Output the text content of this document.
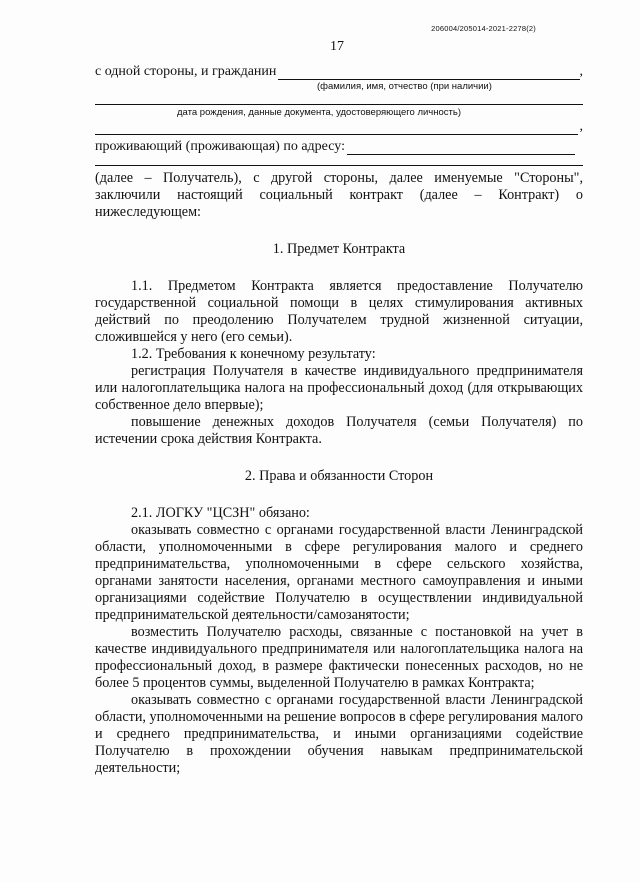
206004/205014-2021-2278(2)
17
с одной стороны, и гражданин	,
(фамилия, имя, отчество (при наличии)
дата рождения, данные документа, удостоверяющего личность)
,
проживающий (проживающая) по адресу:

(далее – Получатель), с другой стороны, далее именуемые "Стороны", заключили настоящий социальный контракт (далее – Контракт) о нижеследующем:

1. Предмет Контракта

1.1. Предметом Контракта является предоставление Получателю государственной социальной помощи в целях стимулирования активных действий по преодолению Получателем трудной жизненной ситуации, сложившейся у него (его семьи).

1.2. Требования к конечному результату:

регистрация Получателя в качестве индивидуального предпринимателя или налогоплательщика налога на профессиональный доход (для открывающих собственное дело впервые);

повышение денежных доходов Получателя (семьи Получателя) по истечении срока действия Контракта.

2. Права и обязанности Сторон

2.1. ЛОГКУ "ЦСЗН" обязано:

оказывать совместно с органами государственной власти Ленинградской области, уполномоченными в сфере регулирования малого и среднего предпринимательства, уполномоченными в сфере сельского хозяйства, органами занятости населения, органами местного самоуправления и иными организациями содействие Получателю в осуществлении индивидуальной предпринимательской деятельности/самозанятости;

возместить Получателю расходы, связанные с постановкой на учет в качестве индивидуального предпринимателя или налогоплательщика налога на профессиональный доход, в размере фактически понесенных расходов, но не более 5 процентов суммы, выделенной Получателю в рамках Контракта;

оказывать совместно с органами государственной власти Ленинградской области, уполномоченными на решение вопросов в сфере регулирования малого и среднего предпринимательства, и иными организациями содействие Получателю в прохождении обучения навыкам предпринимательской деятельности;
